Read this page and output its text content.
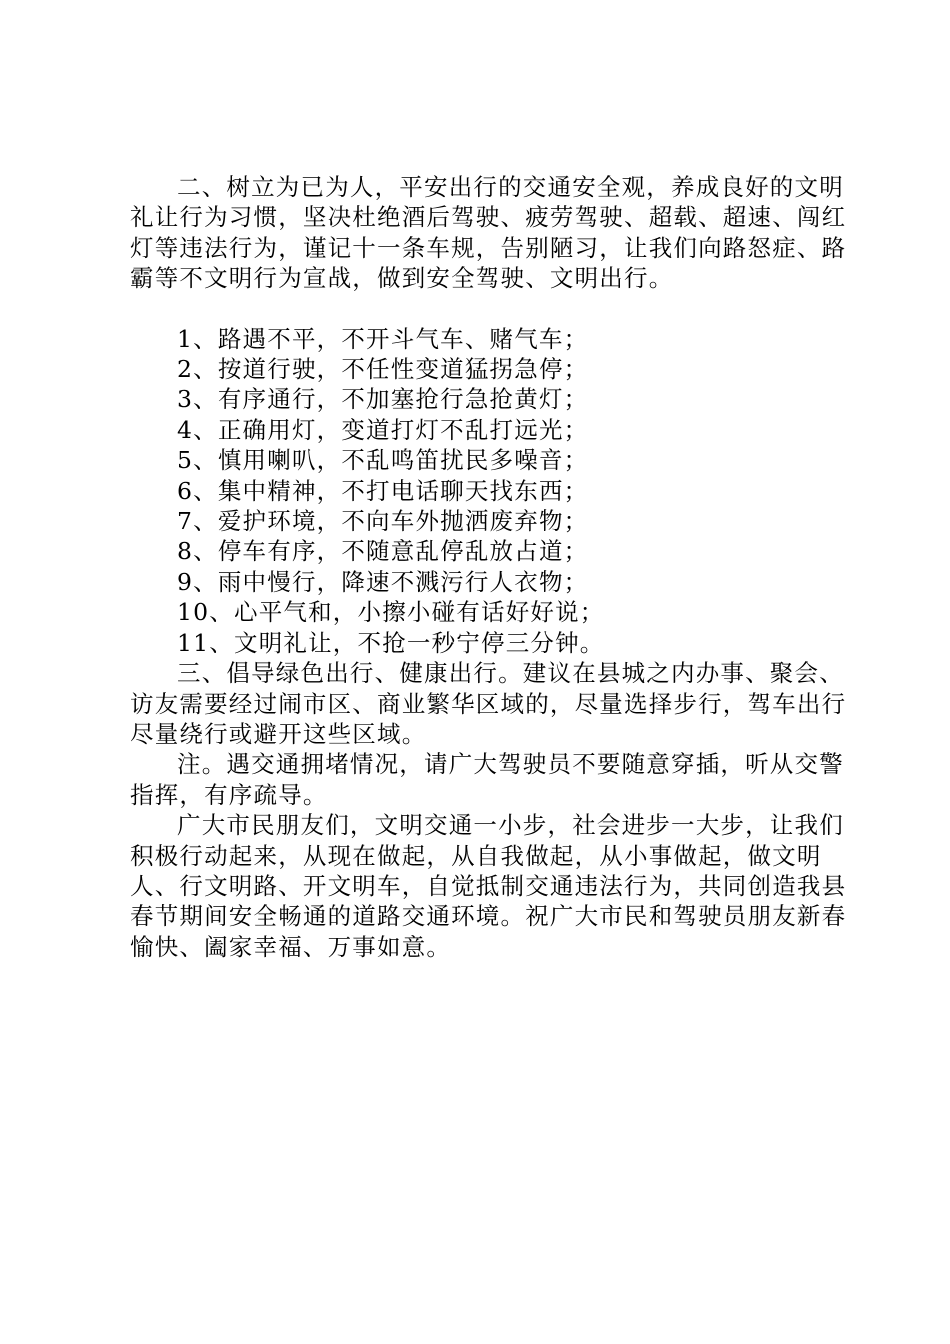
二、树立为已为人，平安出行的交通安全观，养成良好的文明礼让行为习惯，坚决杜绝酒后驾驶、疲劳驾驶、超载、超速、闯红灯等违法行为，谨记十一条车规，告别陋习，让我们向路怒症、路霸等不文明行为宣战，做到安全驾驶、文明出行。

1、路遇不平，不开斗气车、赌气车；

2、按道行驶，不任性变道猛拐急停；

3、有序通行，不加塞抢行急抢黄灯；

4、正确用灯，变道打灯不乱打远光；

5、慎用喇叭，不乱鸣笛扰民多噪音；

6、集中精神，不打电话聊天找东西；

7、爱护环境，不向车外抛洒废弃物；

8、停车有序，不随意乱停乱放占道；

9、雨中慢行，降速不溅污行人衣物；

10、心平气和，小擦小碰有话好好说；

11、文明礼让，不抢一秒宁停三分钟。

三、倡导绿色出行、健康出行。建议在县城之内办事、聚会、访友需要经过闹市区、商业繁华区域的，尽量选择步行，驾车出行尽量绕行或避开这些区域。

注。遇交通拥堵情况，请广大驾驶员不要随意穿插，听从交警指挥，有序疏导。

广大市民朋友们，文明交通一小步，社会进步一大步，让我们积极行动起来，从现在做起，从自我做起，从小事做起，做文明人、行文明路、开文明车，自觉抵制交通违法行为，共同创造我县春节期间安全畅通的道路交通环境。祝广大市民和驾驶员朋友新春愉快、阖家幸福、万事如意。
